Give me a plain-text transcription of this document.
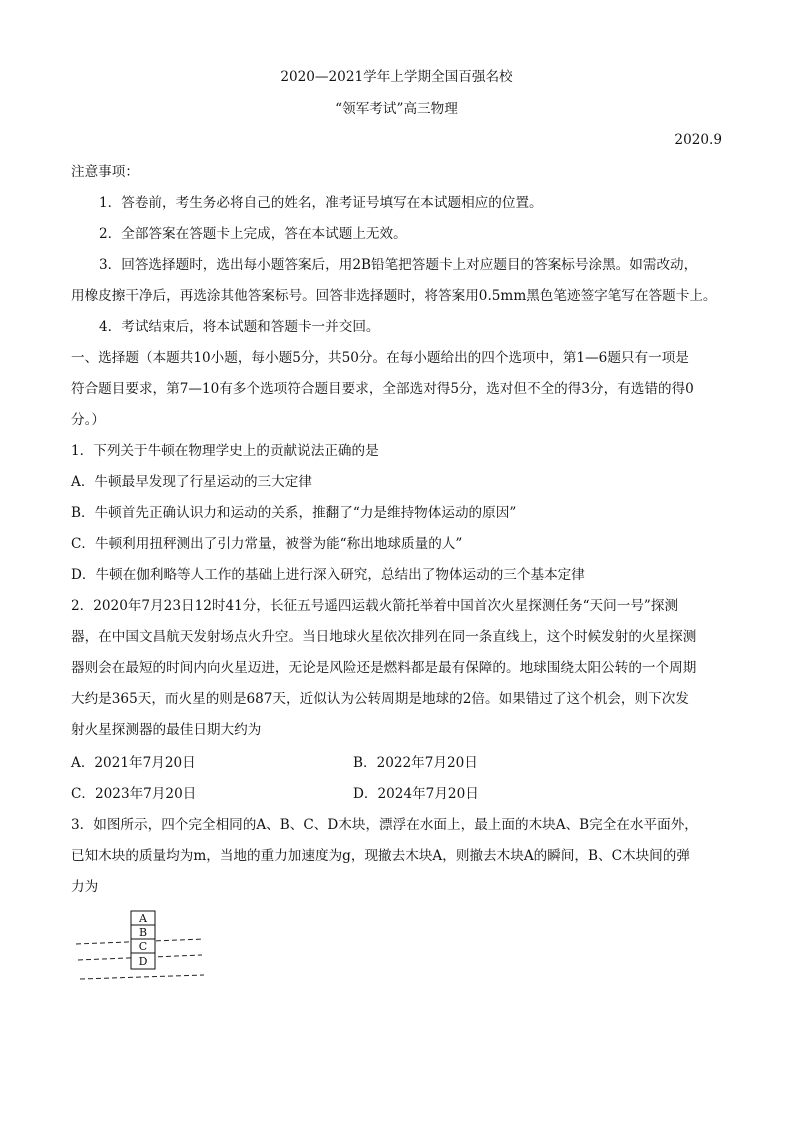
2020—2021学年上学期全国百强名校
“领军考试”高三物理
2020.9
注意事项：
1．答卷前，考生务必将自己的姓名，准考证号填写在本试题相应的位置。
2．全部答案在答题卡上完成，答在本试题上无效。
3．回答选择题时，选出每小题答案后，用2B铅笔把答题卡上对应题目的答案标号涂黑。如需改动，
用橡皮擦干净后，再选涂其他答案标号。回答非选择题时，将答案用0.5mm黑色笔迹签字笔写在答题卡上。
4．考试结束后，将本试题和答题卡一并交回。
一、选择题（本题共10小题，每小题5分，共50分。在每小题给出的四个选项中，第1—6题只有一项是
符合题目要求，第7—10有多个选项符合题目要求，全部选对得5分，选对但不全的得3分，有选错的得0
分。）
1．下列关于牛顿在物理学史上的贡献说法正确的是
A．牛顿最早发现了行星运动的三大定律
B．牛顿首先正确认识力和运动的关系，推翻了“力是维持物体运动的原因”
C．牛顿利用扭秤测出了引力常量，被誉为能“称出地球质量的人”
D．牛顿在伽利略等人工作的基础上进行深入研究，总结出了物体运动的三个基本定律
2．2020年7月23日12时41分，长征五号遥四运载火箭托举着中国首次火星探测任务“天问一号”探测
器，在中国文昌航天发射场点火升空。当日地球火星依次排列在同一条直线上，这个时候发射的火星探测
器则会在最短的时间内向火星迈进，无论是风险还是燃料都是最有保障的。地球围绕太阳公转的一个周期
大约是365天，而火星的则是687天，近似认为公转周期是地球的2倍。如果错过了这个机会，则下次发
射火星探测器的最佳日期大约为
A．2021年7月20日	B．2022年7月20日
C．2023年7月20日	D．2024年7月20日
3．如图所示，四个完全相同的A、B、C、D木块，漂浮在水面上，最上面的木块A、B完全在水平面外，
已知木块的质量均为m，当地的重力加速度为g，现撤去木块A，则撤去木块A的瞬间，B、C木块间的弹
力为
A
B
C
D
